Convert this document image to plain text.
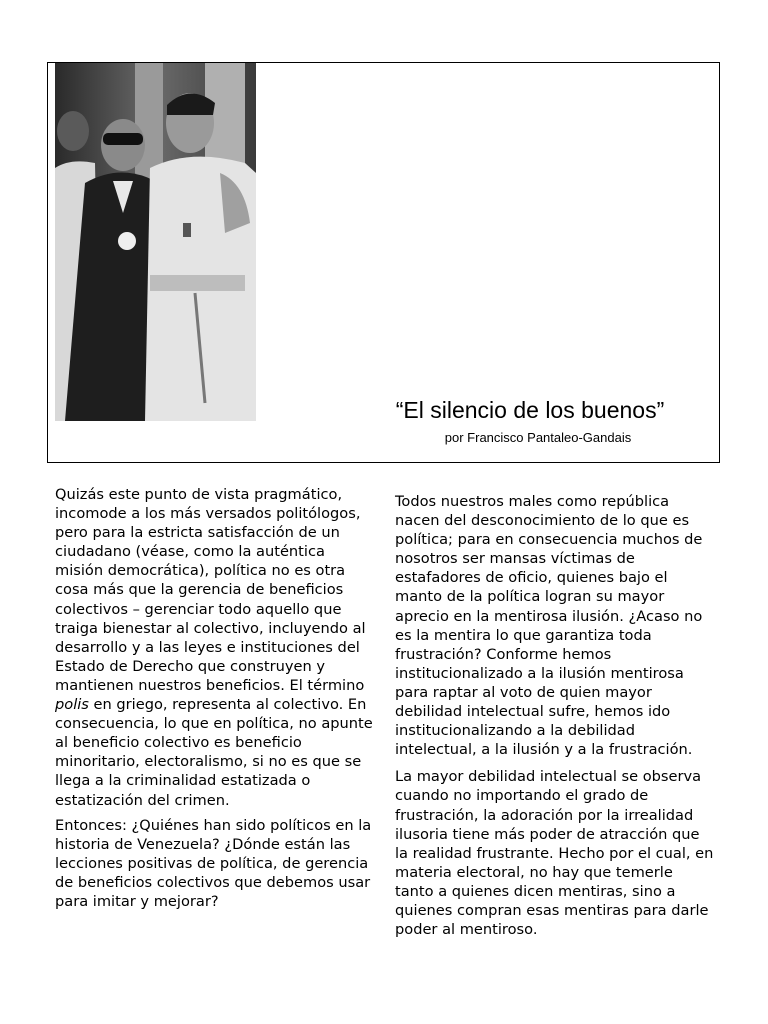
“El silencio de los buenos”
por Francisco Pantaleo-Gandais

Quizás este punto de vista pragmático, incomode a los más versados politólogos, pero para la estricta satisfacción de un ciudadano (véase, como la auténtica misión democrática), política no es otra cosa más que la gerencia de beneficios colectivos – gerenciar todo aquello que traiga bienestar al colectivo, incluyendo al desarrollo y a las leyes e instituciones del Estado de Derecho que construyen y mantienen nuestros beneficios. El término polis en griego, representa al colectivo. En consecuencia, lo que en política, no apunte al beneficio colectivo es beneficio minoritario, electoralismo, si no es que se llega a la criminalidad estatizada o estatización del crimen.

Entonces: ¿Quiénes han sido políticos en la historia de Venezuela? ¿Dónde están las lecciones positivas de política, de gerencia de beneficios colectivos que debemos usar para imitar y mejorar?

Todos nuestros males como república nacen del desconocimiento de lo que es política; para en consecuencia muchos de nosotros ser mansas víctimas de estafadores de oficio, quienes bajo el manto de la política logran su mayor aprecio en la mentirosa ilusión. ¿Acaso no es la mentira lo que garantiza toda frustración? Conforme hemos institucionalizado a la ilusión mentirosa para raptar al voto de quien mayor debilidad intelectual sufre, hemos ido institucionalizando a la debilidad intelectual, a la ilusión y a la frustración.

La mayor debilidad intelectual se observa cuando no importando el grado de frustración, la adoración por la irrealidad ilusoria tiene más poder de atracción que la realidad frustrante. Hecho por el cual, en materia electoral, no hay que temerle tanto a quienes dicen mentiras, sino a quienes compran esas mentiras para darle poder al mentiroso.
